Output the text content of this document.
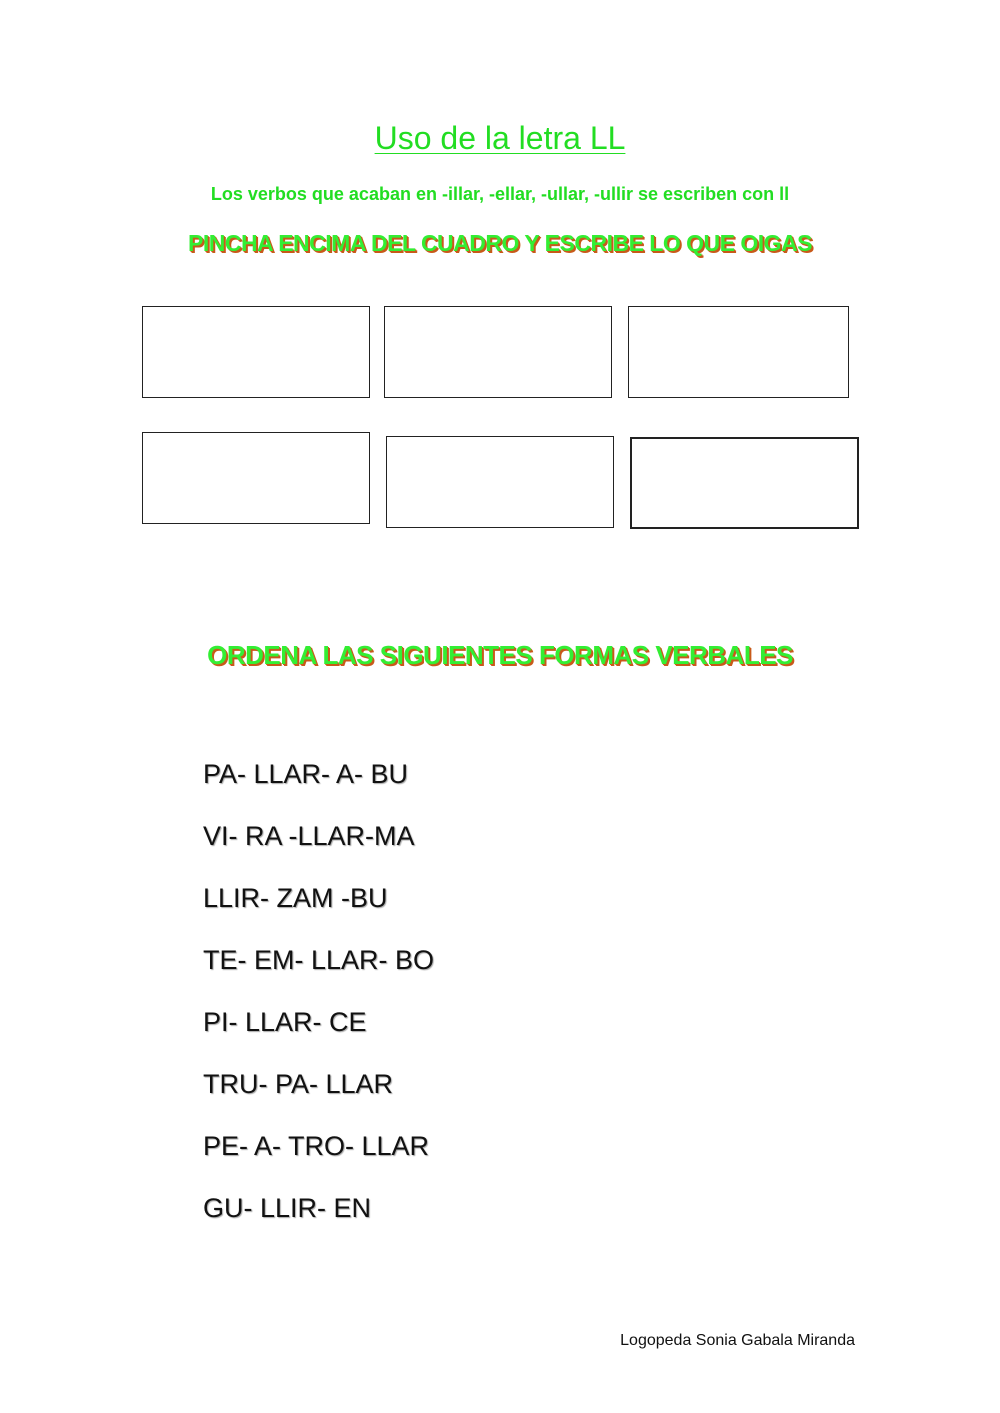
Uso de la letra LL
Los verbos que acaban en -illar, -ellar, -ullar, -ullir se escriben con ll
PINCHA ENCIMA DEL CUADRO Y ESCRIBE LO QUE OIGAS
ORDENA LAS SIGUIENTES FORMAS VERBALES
PA- LLAR- A- BU
VI- RA -LLAR-MA
LLIR- ZAM -BU
TE- EM- LLAR- BO
PI- LLAR- CE
TRU- PA- LLAR
PE- A- TRO- LLAR
GU- LLIR- EN
Logopeda Sonia Gabala Miranda
